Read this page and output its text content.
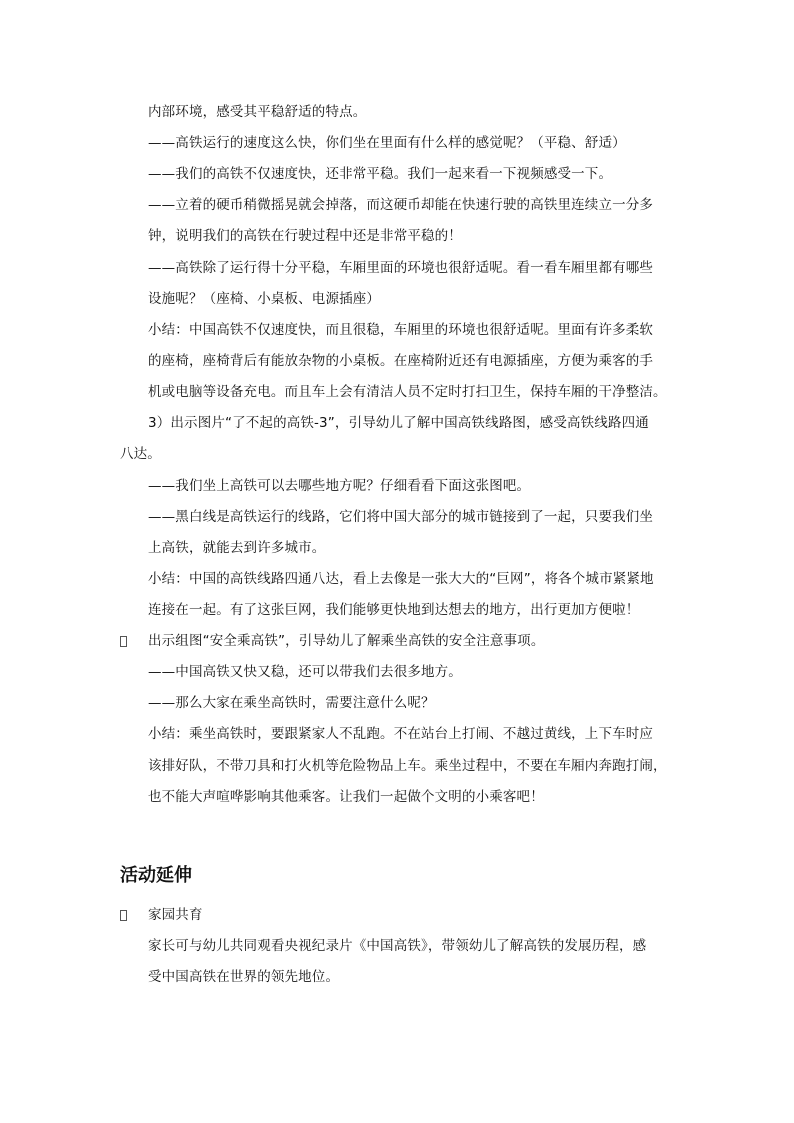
内部环境，感受其平稳舒适的特点。
——高铁运行的速度这么快，你们坐在里面有什么样的感觉呢？（平稳、舒适）
——我们的高铁不仅速度快，还非常平稳。我们一起来看一下视频感受一下。
——立着的硬币稍微摇晃就会掉落，而这硬币却能在快速行驶的高铁里连续立一分多
钟，说明我们的高铁在行驶过程中还是非常平稳的！
——高铁除了运行得十分平稳，车厢里面的环境也很舒适呢。看一看车厢里都有哪些
设施呢？（座椅、小桌板、电源插座）
小结：中国高铁不仅速度快，而且很稳，车厢里的环境也很舒适呢。里面有许多柔软
的座椅，座椅背后有能放杂物的小桌板。在座椅附近还有电源插座，方便为乘客的手
机或电脑等设备充电。而且车上会有清洁人员不定时打扫卫生，保持车厢的干净整洁。
3）出示图片“了不起的高铁-3”，引导幼儿了解中国高铁线路图，感受高铁线路四通
八达。
——我们坐上高铁可以去哪些地方呢？仔细看看下面这张图吧。
——黑白线是高铁运行的线路，它们将中国大部分的城市链接到了一起，只要我们坐
上高铁，就能去到许多城市。
小结：中国的高铁线路四通八达，看上去像是一张大大的“巨网”，将各个城市紧紧地
连接在一起。有了这张巨网，我们能够更快地到达想去的地方，出行更加方便啦！
出示组图“安全乘高铁”，引导幼儿了解乘坐高铁的安全注意事项。
——中国高铁又快又稳，还可以带我们去很多地方。
——那么大家在乘坐高铁时，需要注意什么呢？
小结：乘坐高铁时，要跟紧家人不乱跑。不在站台上打闹、不越过黄线，上下车时应
该排好队，不带刀具和打火机等危险物品上车。乘坐过程中，不要在车厢内奔跑打闹，
也不能大声喧哗影响其他乘客。让我们一起做个文明的小乘客吧！
活动延伸
家园共育
家长可与幼儿共同观看央视纪录片《中国高铁》，带领幼儿了解高铁的发展历程，感
受中国高铁在世界的领先地位。
